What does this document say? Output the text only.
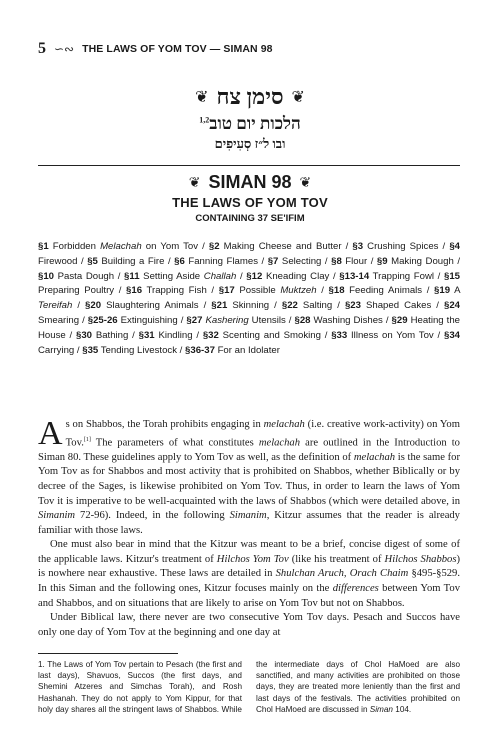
5 ∽∾ THE LAWS OF YOM TOV — SIMAN 98
❦
סימן צח
❦
הלכות יום טוב$^{1,2}$
ובו ל״ז סְעִיפִים
❦ SIMAN 98 ❦
THE LAWS OF YOM TOV
CONTAINING 37 SE'IFIM
§1 Forbidden Melachah on Yom Tov / §2 Making Cheese and Butter / §3 Crushing Spices / §4 Firewood / §5 Building a Fire / §6 Fanning Flames / §7 Selecting / §8 Flour / §9 Making Dough / §10 Pasta Dough / §11 Setting Aside Challah / §12 Kneading Clay / §13-14 Trapping Fowl / §15 Preparing Poultry / §16 Trapping Fish / §17 Possible Muktzeh / §18 Feeding Animals / §19 A Tereifah / §20 Slaughtering Animals / §21 Skinning / §22 Salting / §23 Shaped Cakes / §24 Smearing / §25-26 Extinguishing / §27 Kashering Utensils / §28 Washing Dishes / §29 Heating the House / §30 Bathing / §31 Kindling / §32 Scenting and Smoking / §33 Illness on Yom Tov / §34 Carrying / §35 Tending Livestock / §36-37 For an Idolater

As on Shabbos, the Torah prohibits engaging in melachah (i.e. creative work-activity) on Yom Tov.[1] The parameters of what constitutes melachah are outlined in the Introduction to Siman 80. These guidelines apply to Yom Tov as well, as the definition of melachah is the same for Yom Tov as for Shabbos and most activity that is prohibited on Shabbos, whether Biblically or by decree of the Sages, is likewise prohibited on Yom Tov. Thus, in order to learn the laws of Yom Tov it is imperative to be well-acquainted with the laws of Shabbos (which were detailed above, in Simanim 72-96). Indeed, in the following Simanim, Kitzur assumes that the reader is already familiar with those laws.

One must also bear in mind that the Kitzur was meant to be a brief, concise digest of some of the applicable laws. Kitzur's treatment of Hilchos Yom Tov (like his treatment of Hilchos Shabbos) is nowhere near exhaustive. These laws are detailed in Shulchan Aruch, Orach Chaim §495-§529. In this Siman and the following ones, Kitzur focuses mainly on the differences between Yom Tov and Shabbos, and on situations that are likely to arise on Yom Tov but not on Shabbos.

Under Biblical law, there never are two consecutive Yom Tov days. Pesach and Succos have only one day of Yom Tov at the beginning and one day at

1. The Laws of Yom Tov pertain to Pesach (the first and last days), Shavuos, Succos (the first days, and Shemini Atzeres and Simchas Torah), and Rosh Hashanah. They do not apply to Yom Kippur, for that holy day shares all the stringent laws of Shabbos. While the intermediate days of Chol HaMoed are also sanctified, and many activities are prohibited on those days, they are treated more leniently than the first and last days of the festivals. The activities prohibited on Chol HaMoed are discussed in Siman 104.
